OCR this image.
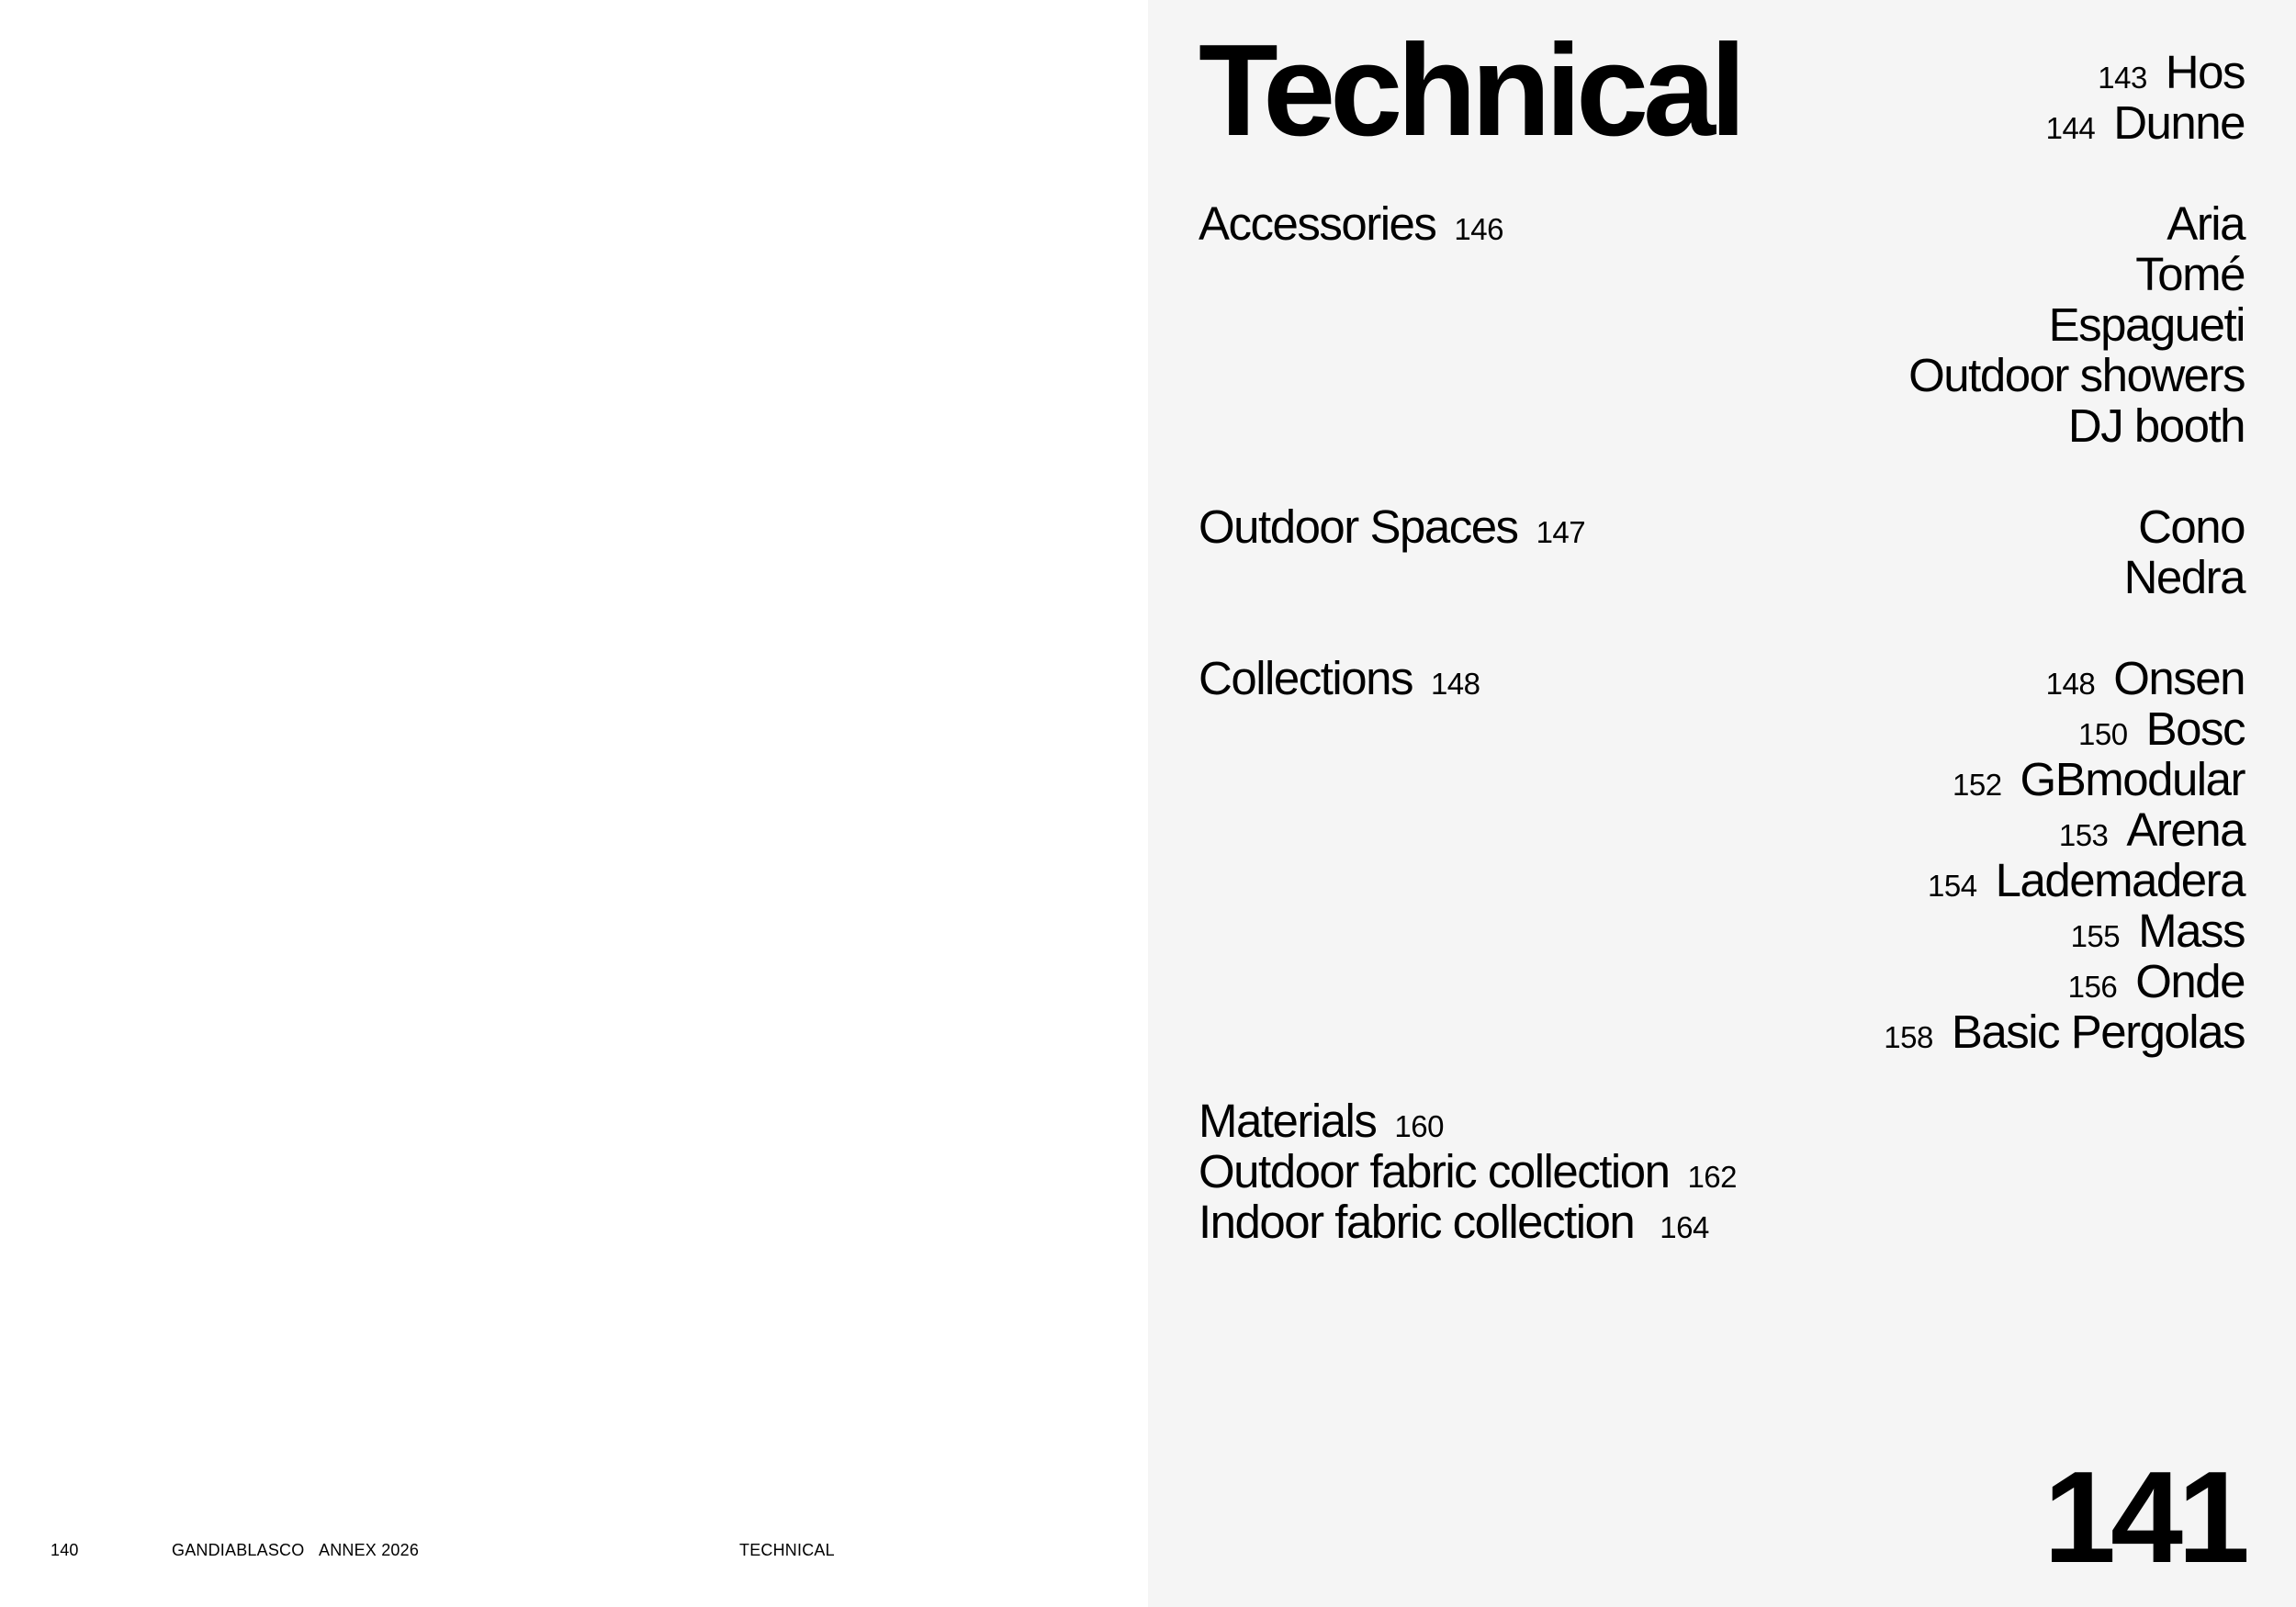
140	GANDIABLASCO ANNEX 2026	TECHNICAL
Technical	143 Hos
144 Dunne
Accessories 146	Aria
Tomé
Espagueti
Outdoor showers
DJ booth
Outdoor Spaces 147	Cono
Nedra
Collections 148	148 Onsen
150 Bosc
152 GBmodular
153 Arena
154 Lademadera
155 Mass
156 Onde
158 Basic Pergolas
Materials 160
Outdoor fabric collection 162
Indoor fabric collection 164
141
